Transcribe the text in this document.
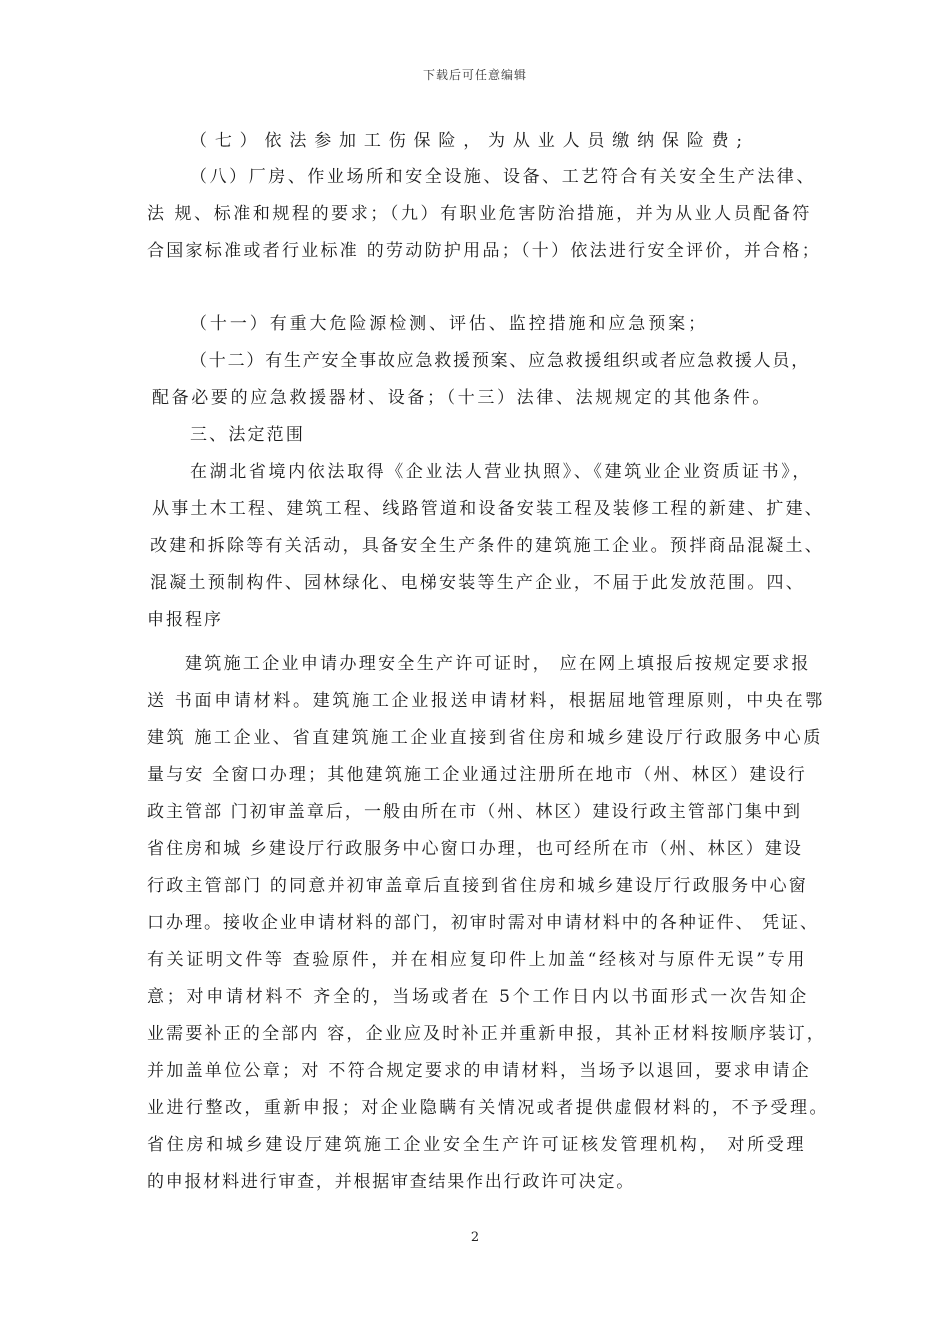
下载后可任意编辑
（七）依法参加工伤保险，为从业人员缴纳保险费;
（八）厂房、作业场所和安全设施、设备、工艺符合有关安全生产法律、
法 规、标准和规程的要求；（九）有职业危害防治措施，并为从业人员配备符
合国家标准或者行业标准 的劳动防护用品；（十）依法进行安全评价，并合格；
（十一）有重大危险源检测、评估、监控措施和应急预案；
（十二）有生产安全事故应急救援预案、应急救援组织或者应急救援人员，
配备必要的应急救援器材、设备；（十三）法律、法规规定的其他条件。
三、法定范围
在湖北省境内依法取得《企业法人营业执照》、《建筑业企业资质证书》，
从事土木工程、建筑工程、线路管道和设备安装工程及装修工程的新建、扩建、
改建和拆除等有关活动，具备安全生产条件的建筑施工企业。预拌商品混凝土、
混凝土预制构件、园林绿化、电梯安装等生产企业，不届于此发放范围。四、
申报程序
建筑施工企业申请办理安全生产许可证时， 应在网上填报后按规定要求报
送 书面申请材料。建筑施工企业报送申请材料，根据屈地管理原则，中央在鄂
建筑 施工企业、省直建筑施工企业直接到省住房和城乡建设厅行政服务中心质
量与安 全窗口办理；其他建筑施工企业通过注册所在地市（州、林区）建设行
政主管部 门初审盖章后，一般由所在市（州、林区）建设行政主管部门集中到
省住房和城 乡建设厅行政服务中心窗口办理，也可经所在市（州、林区）建设
行政主管部门 的同意并初审盖章后直接到省住房和城乡建设厅行政服务中心窗
口办理。接收企业申请材料的部门，初审时需对申请材料中的各种证件、 凭证、
有关证明文件等 查验原件，并在相应复印件上加盖“经核对与原件无误”专用
意；对申请材料不 齐全的，当场或者在 5个工作日内以书面形式一次告知企
业需要补正的全部内 容，企业应及时补正并重新申报，其补正材料按顺序装订，
并加盖单位公章；对 不符合规定要求的申请材料，当场予以退回，要求申请企
业进行整改，重新申报；对企业隐瞒有关情况或者提供虚假材料的，不予受理。
省住房和城乡建设厅建筑施工企业安全生产许可证核发管理机构， 对所受理
的申报材料进行审查，并根据审查结果作出行政许可决定。
2
